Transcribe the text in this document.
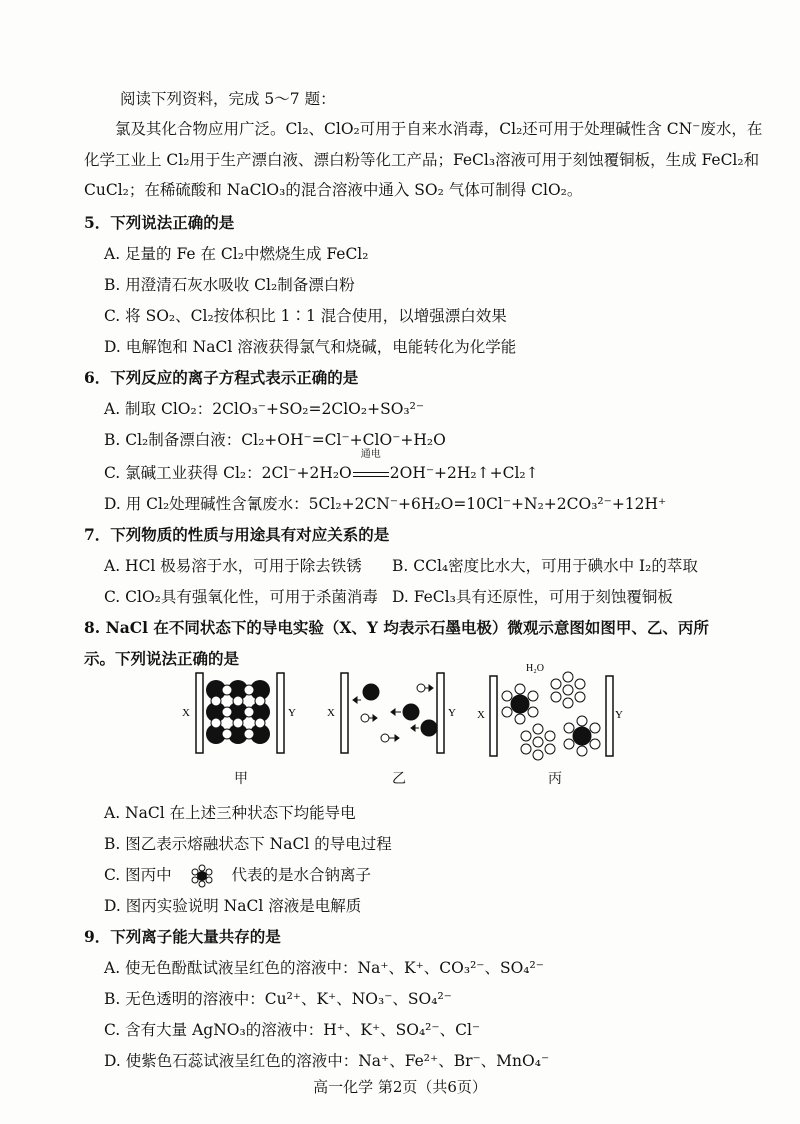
阅读下列资料，完成 5～7 题：
氯及其化合物应用广泛。Cl₂、ClO₂可用于自来水消毒，Cl₂还可用于处理碱性含 CN⁻废水，在化学工业上 Cl₂用于生产漂白液、漂白粉等化工产品；FeCl₃溶液可用于刻蚀覆铜板，生成 FeCl₂和 CuCl₂；在稀硫酸和 NaClO₃的混合溶液中通入 SO₂ 气体可制得 ClO₂。
5．下列说法正确的是
A. 足量的 Fe 在 Cl₂中燃烧生成 FeCl₂
B. 用澄清石灰水吸收 Cl₂制备漂白粉
C. 将 SO₂、Cl₂按体积比 1∶1 混合使用，以增强漂白效果
D. 电解饱和 NaCl 溶液获得氯气和烧碱，电能转化为化学能
6．下列反应的离子方程式表示正确的是
A. 制取 ClO₂：2ClO₃⁻+SO₂=2ClO₂+SO₃²⁻
B. Cl₂制备漂白液：Cl₂+OH⁻=Cl⁻+ClO⁻+H₂O
C. 氯碱工业获得 Cl₂：2Cl⁻+2H₂O
通电
2OH⁻+2H₂↑+Cl₂↑
D. 用 Cl₂处理碱性含氰废水：5Cl₂+2CN⁻+6H₂O=10Cl⁻+N₂+2CO₃²⁻+12H⁺
7．下列物质的性质与用途具有对应关系的是
A. HCl 极易溶于水，可用于除去铁锈 B. CCl₄密度比水大，可用于碘水中 I₂的萃取
C. ClO₂具有强氧化性，可用于杀菌消毒 D. FeCl₃具有还原性，可用于刻蚀覆铜板
8. NaCl 在不同状态下的导电实验（X、Y 均表示石墨电极）微观示意图如图甲、乙、丙所
示。下列说法正确的是
X	Y	X	Y X	Y
H₂O
甲	乙	丙
A. NaCl 在上述三种状态下均能导电
B. 图乙表示熔融状态下 NaCl 的导电过程
C. 图丙中	代表的是水合钠离子
D. 图丙实验说明 NaCl 溶液是电解质
9．下列离子能大量共存的是
A. 使无色酚酞试液呈红色的溶液中：Na⁺、K⁺、CO₃²⁻、SO₄²⁻
B. 无色透明的溶液中：Cu²⁺、K⁺、NO₃⁻、SO₄²⁻
C. 含有大量 AgNO₃的溶液中：H⁺、K⁺、SO₄²⁻、Cl⁻
D. 使紫色石蕊试液呈红色的溶液中：Na⁺、Fe²⁺、Br⁻、MnO₄⁻
高一化学 第2页（共6页）
